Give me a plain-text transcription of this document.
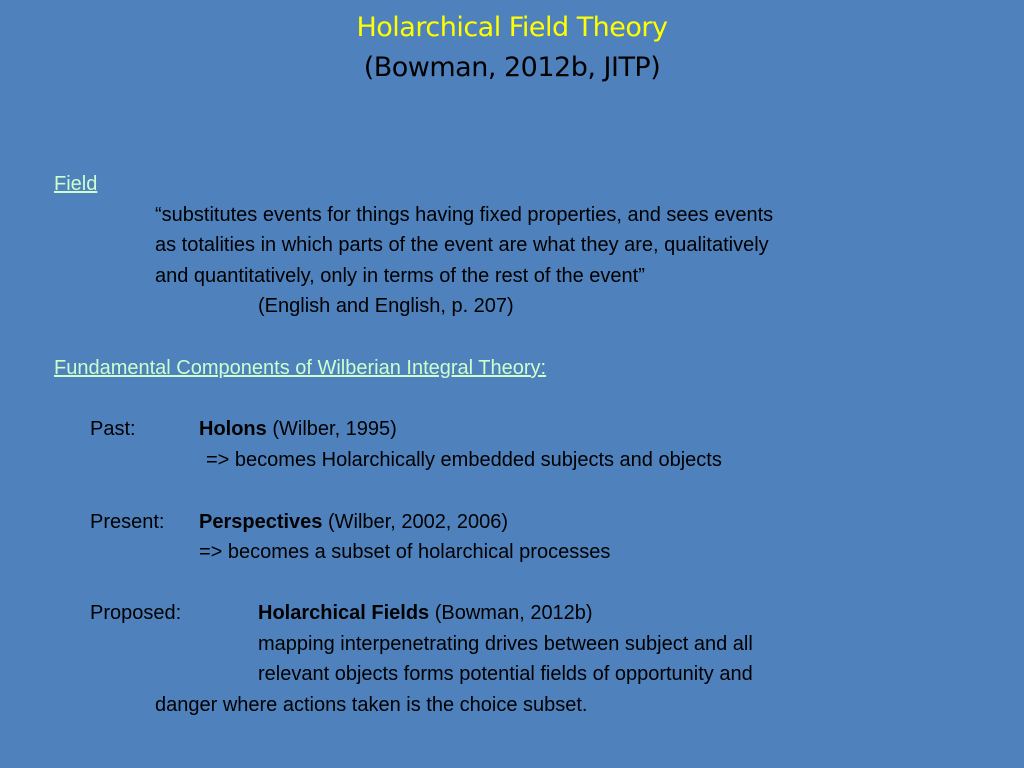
Holarchical Field Theory
(Bowman, 2012b, JITP)
Field
“substitutes events for things having fixed properties, and sees events
as totalities in which parts of the event are what they are, qualitatively
and quantitatively, only in terms of the rest of the event”
(English and English, p. 207)
Fundamental Components of Wilberian Integral Theory:
Past:	Holons (Wilber, 1995)
=> becomes Holarchically embedded subjects and objects
Present: Perspectives (Wilber, 2002, 2006)
=> becomes a subset of holarchical processes
Proposed:	Holarchical Fields (Bowman, 2012b)
mapping interpenetrating drives between subject and all
relevant objects forms potential fields of opportunity and
danger where actions taken is the choice subset.
